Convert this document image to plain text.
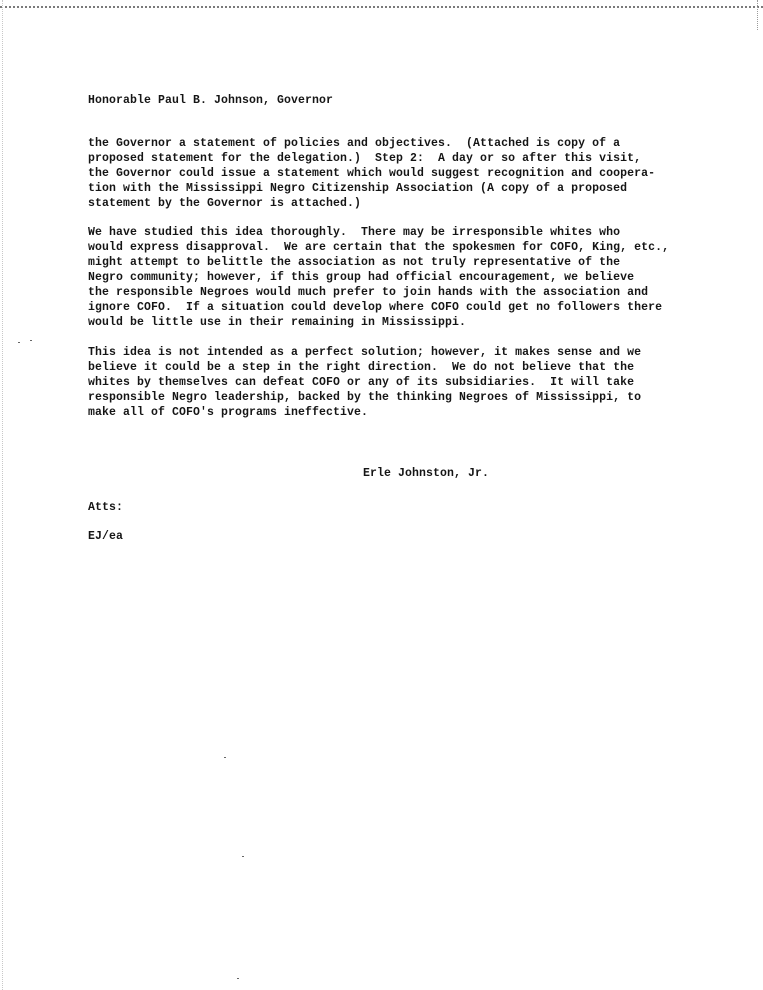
Honorable Paul B. Johnson, Governor
the Governor a statement of policies and objectives.  (Attached is copy of a
proposed statement for the delegation.)  Step 2:  A day or so after this visit,
the Governor could issue a statement which would suggest recognition and coopera-
tion with the Mississippi Negro Citizenship Association (A copy of a proposed
statement by the Governor is attached.)
We have studied this idea thoroughly.  There may be irresponsible whites who
would express disapproval.  We are certain that the spokesmen for COFO, King, etc.,
might attempt to belittle the association as not truly representative of the
Negro community; however, if this group had official encouragement, we believe
the responsible Negroes would much prefer to join hands with the association and
ignore COFO.  If a situation could develop where COFO could get no followers there
would be little use in their remaining in Mississippi.
This idea is not intended as a perfect solution; however, it makes sense and we
believe it could be a step in the right direction.  We do not believe that the
whites by themselves can defeat COFO or any of its subsidiaries.  It will take
responsible Negro leadership, backed by the thinking Negroes of Mississippi, to
make all of COFO's programs ineffective.
Erle Johnston, Jr.
Atts:
EJ/ea
